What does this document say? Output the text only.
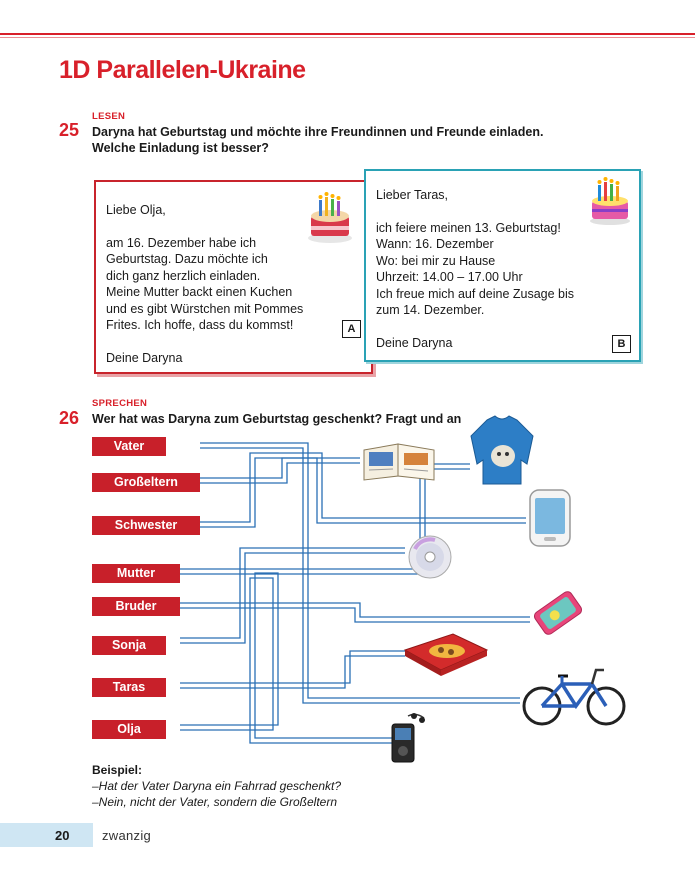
1D Parallelen-Ukraine
LESEN
25 Daryna hat Geburtstag und möchte ihre Freundinnen und Freunde einladen.
Welche Einladung ist besser?

Liebe Olja,

am 16. Dezember habe ich

Geburtstag. Dazu möchte ich

dich ganz herzlich einladen.

Meine Mutter backt einen Kuchen

und es gibt Würstchen mit Pommes

Frites. Ich hoffe, dass du kommst!

Deine Daryna

A

Lieber Taras,

ich feiere meinen 13. Geburtstag!

Wann: 16. Dezember

Wo: bei mir zu Hause

Uhrzeit: 14.00 – 17.00 Uhr

Ich freue mich auf deine Zusage bis

zum 14. Dezember.

Deine Daryna	B
SPRECHEN
26 Wer hat was Daryna zum Geburtstag geschenkt? Fragt und an
Vater
Großeltern
Schwester
Mutter
Bruder
Sonja
Taras
Olja
Beispiel:
–Hat der Vater Daryna ein Fahrrad geschenkt?
–Nein, nicht der Vater, sondern die Großeltern
20	zwanzig
